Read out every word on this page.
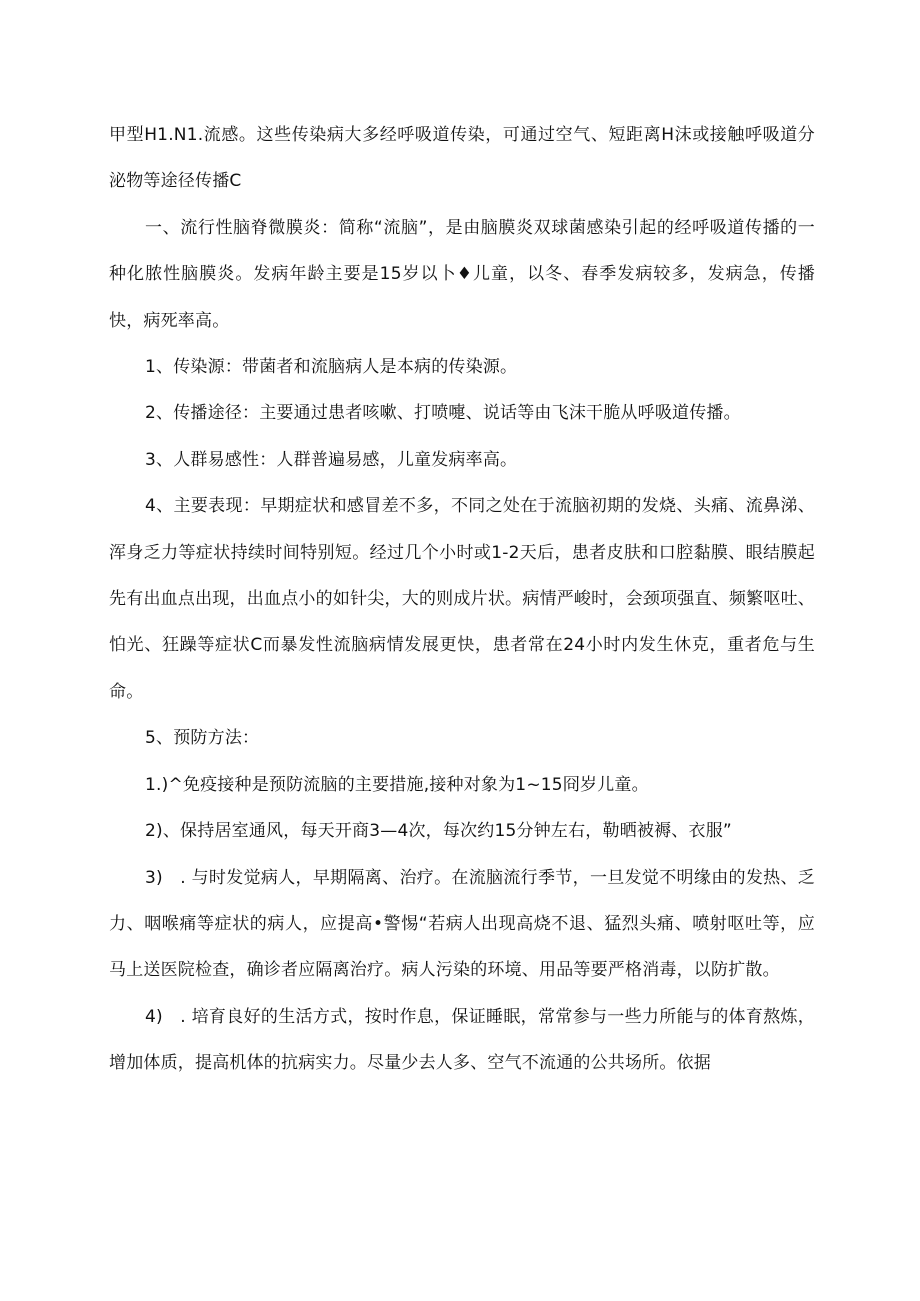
甲型H1.N1.流感。这些传染病大多经呼吸道传染，可通过空气、短距离H沫或接触呼吸道分泌物等途径传播C

一、流行性脑脊微膜炎：简称“流脑”，是由脑膜炎双球菌感染引起的经呼吸道传播的一种化脓性脑膜炎。发病年龄主要是15岁以卜♦儿童，以冬、春季发病较多，发病急，传播快，病死率高。

1、传染源：带菌者和流脑病人是本病的传染源。

2、传播途径：主要通过患者咳嗽、打喷嚏、说话等由飞沫干脆从呼吸道传播。

3、人群易感性：人群普遍易感，儿童发病率高。

4、主要表现：早期症状和感冒差不多，不同之处在于流脑初期的发烧、头痛、流鼻涕、浑身乏力等症状持续时间特别短。经过几个小时或1-2天后，患者皮肤和口腔黏膜、眼结膜起先有出血点出现，出血点小的如针尖，大的则成片状。病情严峻时，会颈项强直、频繁呕吐、怕光、狂躁等症状C而暴发性流脑病情发展更快，患者常在24小时内发生休克，重者危与生命。

5、预防方法：

1.)^免疫接种是预防流脑的主要措施,接种对象为1~15冏岁儿童。

2)、保持居室通风，每天开商3—4次，每次约15分钟左右，勒晒被褥、衣服”

3)　. 与时发觉病人，早期隔离、治疗。在流脑流行季节，一旦发觉不明缘由的发热、乏力、咽喉痛等症状的病人，应提高•警惕“若病人出现高烧不退、猛烈头痛、喷射呕吐等，应马上送医院检查，确诊者应隔离治疗。病人污染的环境、用品等要严格消毒，以防扩散。

4)　. 培育良好的生活方式，按时作息，保证睡眠，常常参与一些力所能与的体育熬炼，增加体质，提高机体的抗病实力。尽量少去人多、空气不流通的公共场所。依据
